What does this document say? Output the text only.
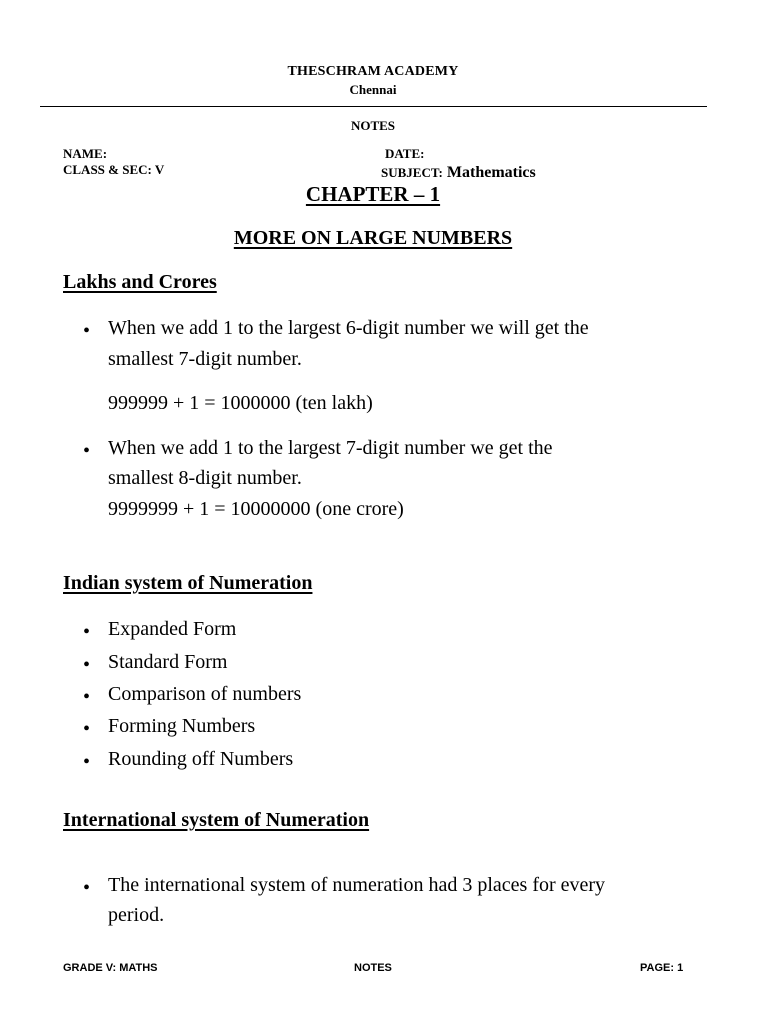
THESCHRAM ACADEMY
Chennai
NOTES
NAME:
CLASS & SEC: V
DATE:
SUBJECT: Mathematics
CHAPTER – 1
MORE ON LARGE NUMBERS
Lakhs and Crores
• When we add 1 to the largest 6-digit number we will get the
smallest 7-digit number.
999999 + 1 = 1000000 (ten lakh)
• When we add 1 to the largest 7-digit number we get the
smallest 8-digit number.
9999999 + 1 = 10000000 (one crore)
Indian system of Numeration
• Expanded Form
• Standard Form
• Comparison of numbers
• Forming Numbers
• Rounding off Numbers
International system of Numeration
• The international system of numeration had 3 places for every
period.
GRADE V: MATHS	NOTES	PAGE: 1
